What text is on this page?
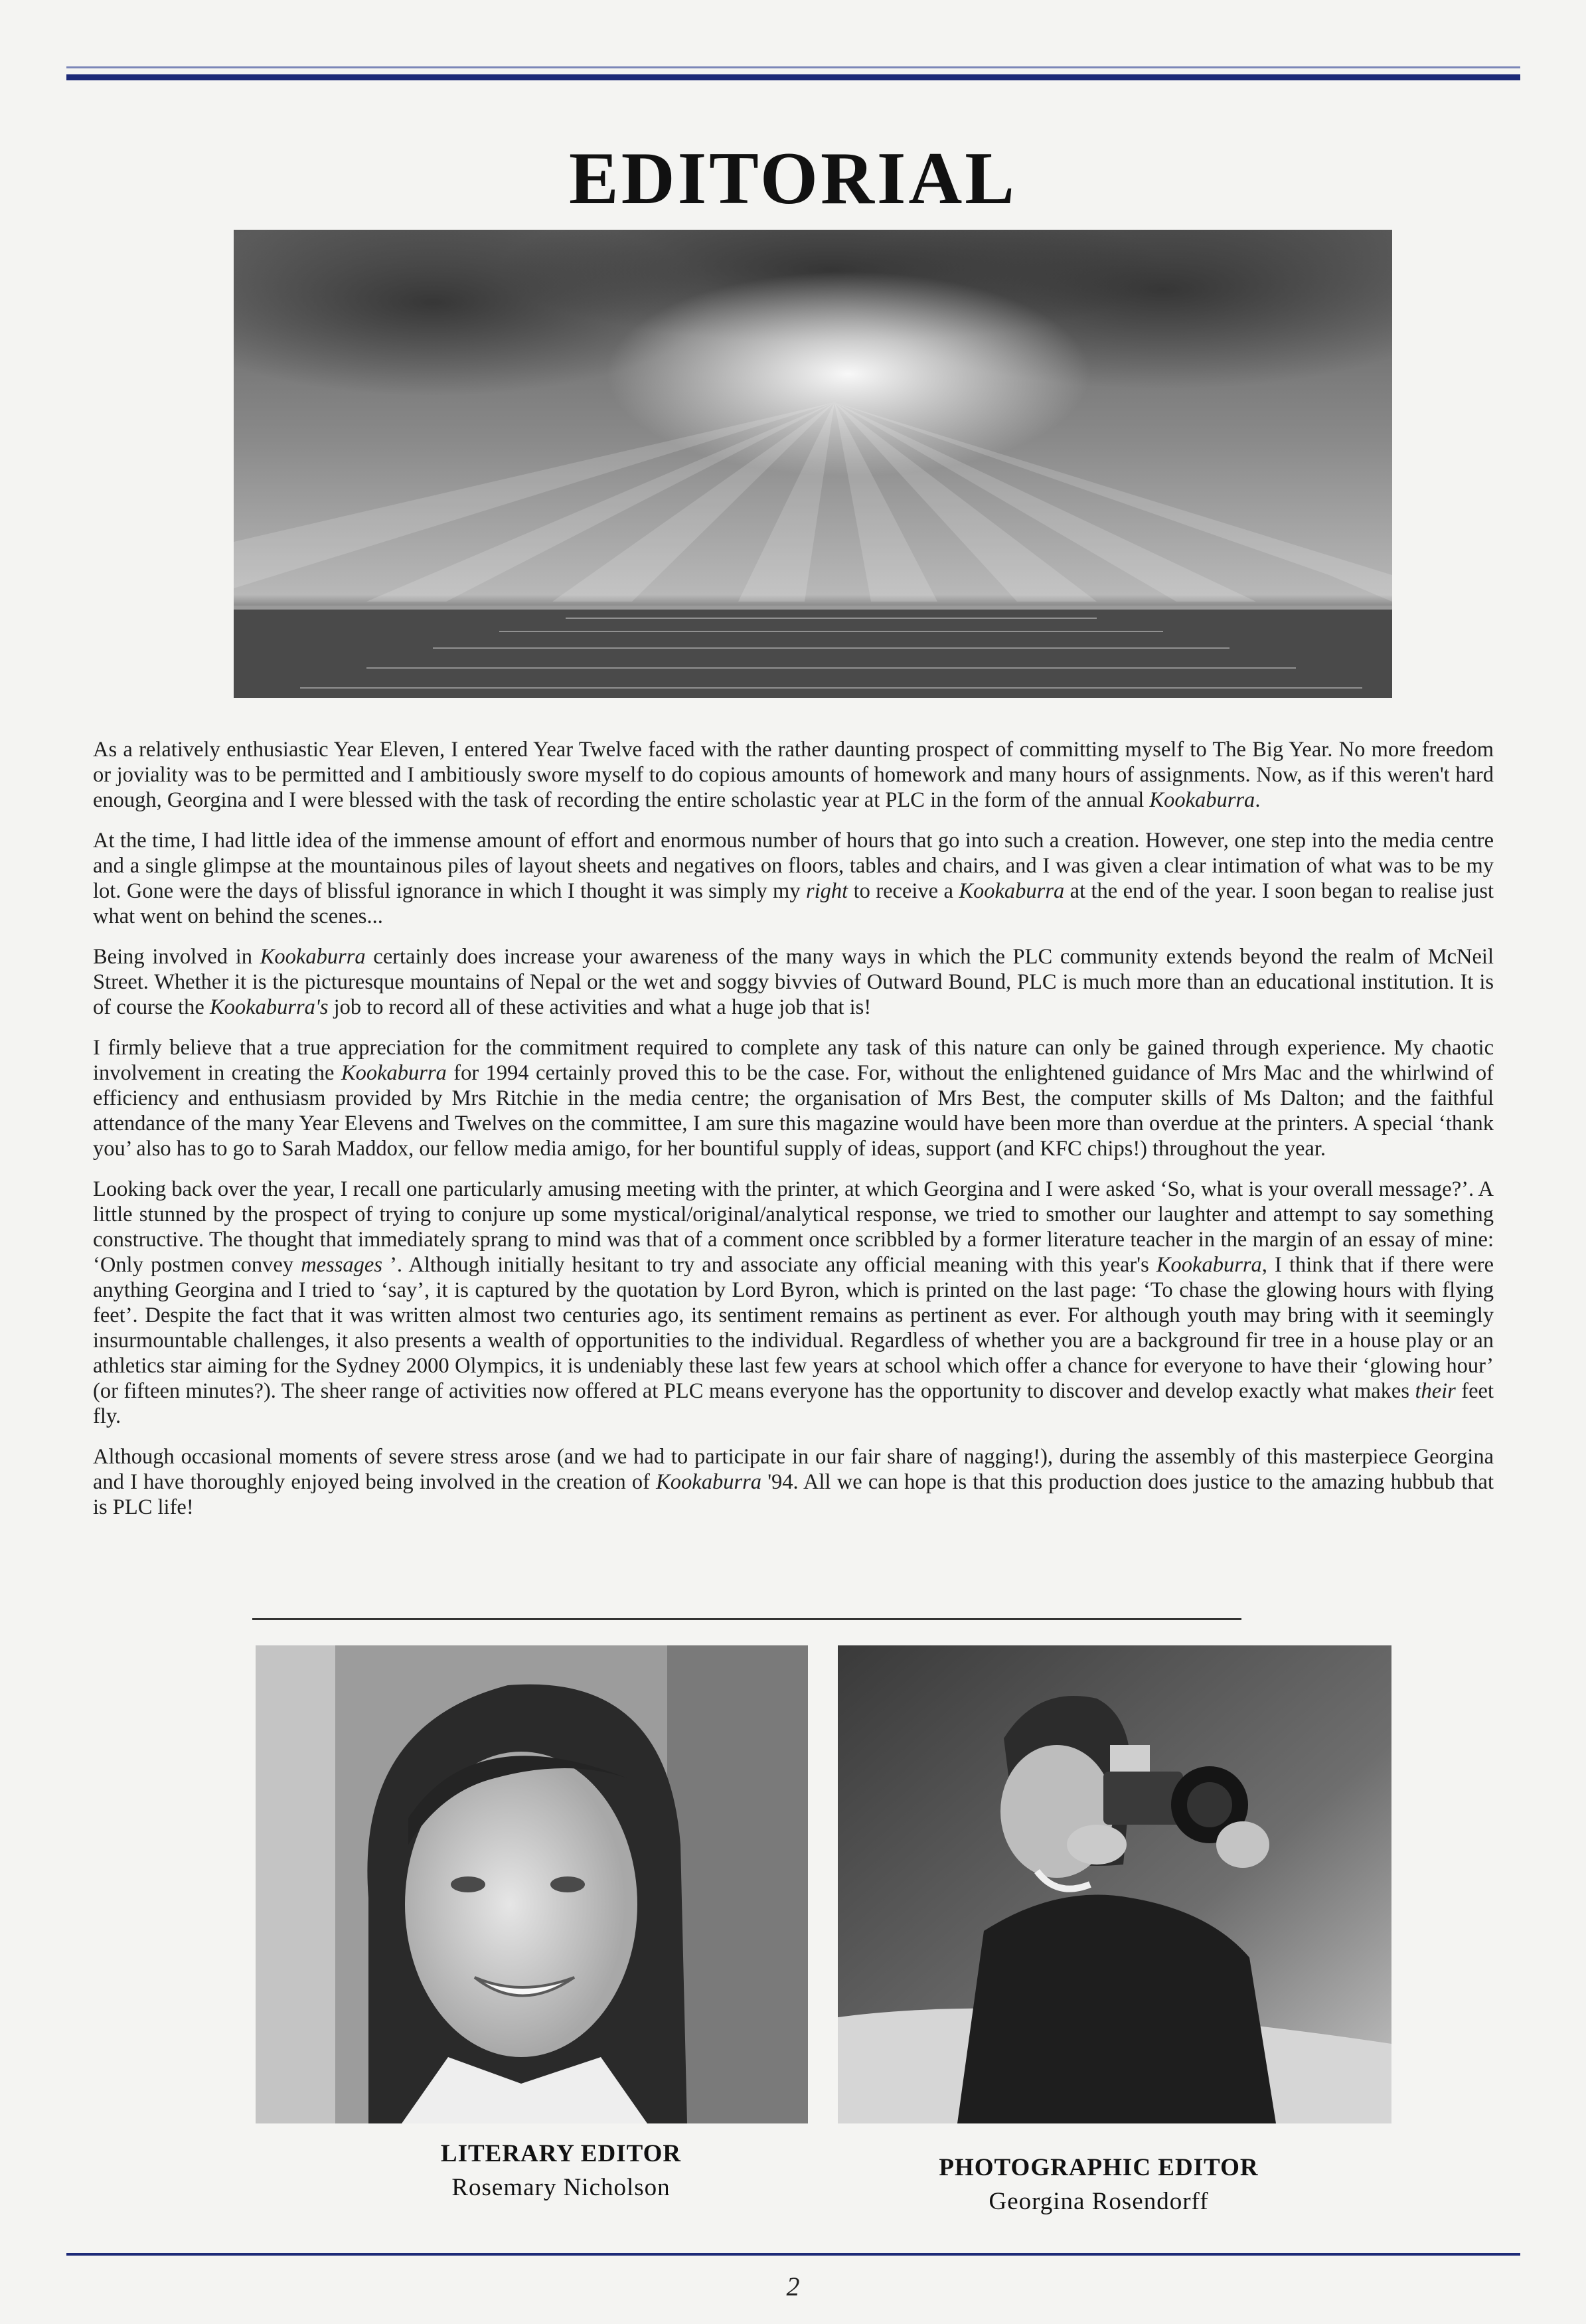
EDITORIAL

As a relatively enthusiastic Year Eleven, I entered Year Twelve faced with the rather daunting prospect of committing myself to The Big Year. No more freedom or joviality was to be permitted and I ambitiously swore myself to do copious amounts of homework and many hours of assignments. Now, as if this weren't hard enough, Georgina and I were blessed with the task of recording the entire scholastic year at PLC in the form of the annual Kookaburra.

At the time, I had little idea of the immense amount of effort and enormous number of hours that go into such a creation. However, one step into the media centre and a single glimpse at the mountainous piles of layout sheets and negatives on floors, tables and chairs, and I was given a clear intimation of what was to be my lot. Gone were the days of blissful ignorance in which I thought it was simply my right to receive a Kookaburra at the end of the year. I soon began to realise just what went on behind the scenes...

Being involved in Kookaburra certainly does increase your awareness of the many ways in which the PLC community extends beyond the realm of McNeil Street. Whether it is the picturesque mountains of Nepal or the wet and soggy bivvies of Outward Bound, PLC is much more than an educational institution. It is of course the Kookaburra's job to record all of these activities and what a huge job that is!

I firmly believe that a true appreciation for the commitment required to complete any task of this nature can only be gained through experience. My chaotic involvement in creating the Kookaburra for 1994 certainly proved this to be the case. For, without the enlightened guidance of Mrs Mac and the whirlwind of efficiency and enthusiasm provided by Mrs Ritchie in the media centre; the organisation of Mrs Best, the computer skills of Ms Dalton; and the faithful attendance of the many Year Elevens and Twelves on the committee, I am sure this magazine would have been more than overdue at the printers. A special ‘thank you’ also has to go to Sarah Maddox, our fellow media amigo, for her bountiful supply of ideas, support (and KFC chips!) throughout the year.

Looking back over the year, I recall one particularly amusing meeting with the printer, at which Georgina and I were asked ‘So, what is your overall message?’. A little stunned by the prospect of trying to conjure up some mystical/original/analytical response, we tried to smother our laughter and attempt to say something constructive. The thought that immediately sprang to mind was that of a comment once scribbled by a former literature teacher in the margin of an essay of mine: ‘Only postmen convey messages ’. Although initially hesitant to try and associate any official meaning with this year's Kookaburra, I think that if there were anything Georgina and I tried to ‘say’, it is captured by the quotation by Lord Byron, which is printed on the last page: ‘To chase the glowing hours with flying feet’. Despite the fact that it was written almost two centuries ago, its sentiment remains as pertinent as ever. For although youth may bring with it seemingly insurmountable challenges, it also presents a wealth of opportunities to the individual. Regardless of whether you are a background fir tree in a house play or an athletics star aiming for the Sydney 2000 Olympics, it is undeniably these last few years at school which offer a chance for everyone to have their ‘glowing hour’ (or fifteen minutes?). The sheer range of activities now offered at PLC means everyone has the opportunity to discover and develop exactly what makes their feet fly.

Although occasional moments of severe stress arose (and we had to participate in our fair share of nagging!), during the assembly of this masterpiece Georgina and I have thoroughly enjoyed being involved in the creation of Kookaburra '94. All we can hope is that this production does justice to the amazing hubbub that is PLC life!

LITERARY EDITOR
Rosemary Nicholson
PHOTOGRAPHIC EDITOR
Georgina Rosendorff
2
